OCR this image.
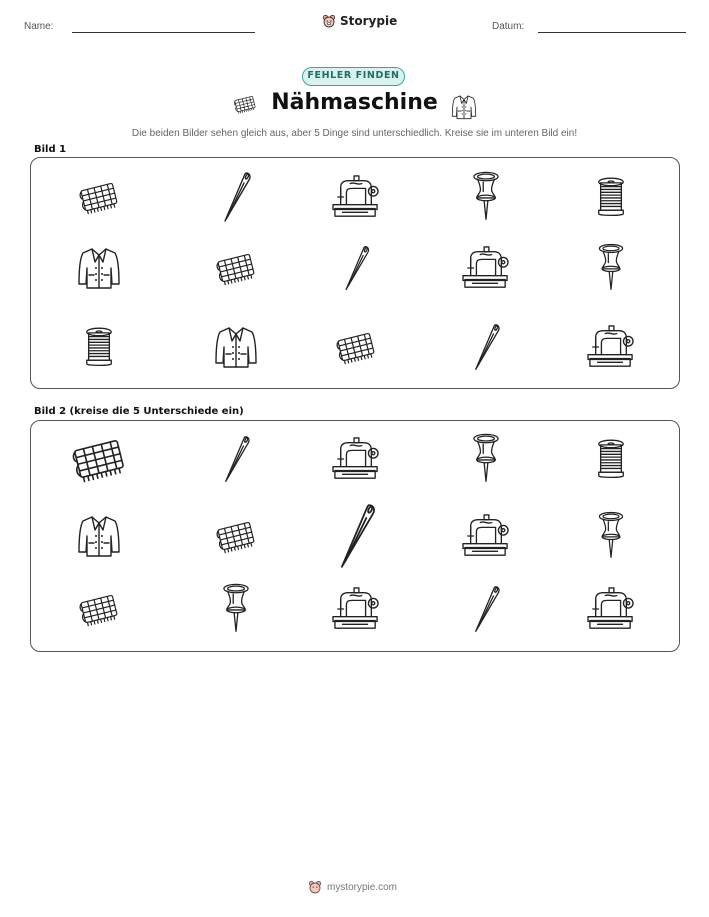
Name:	Storypie	Datum:
FEHLER FINDEN
Nähmaschine
Die beiden Bilder sehen gleich aus, aber 5 Dinge sind unterschiedlich. Kreise sie im unteren Bild ein!
Bild 1
Bild 2 (kreise die 5 Unterschiede ein)
mystorypie.com
